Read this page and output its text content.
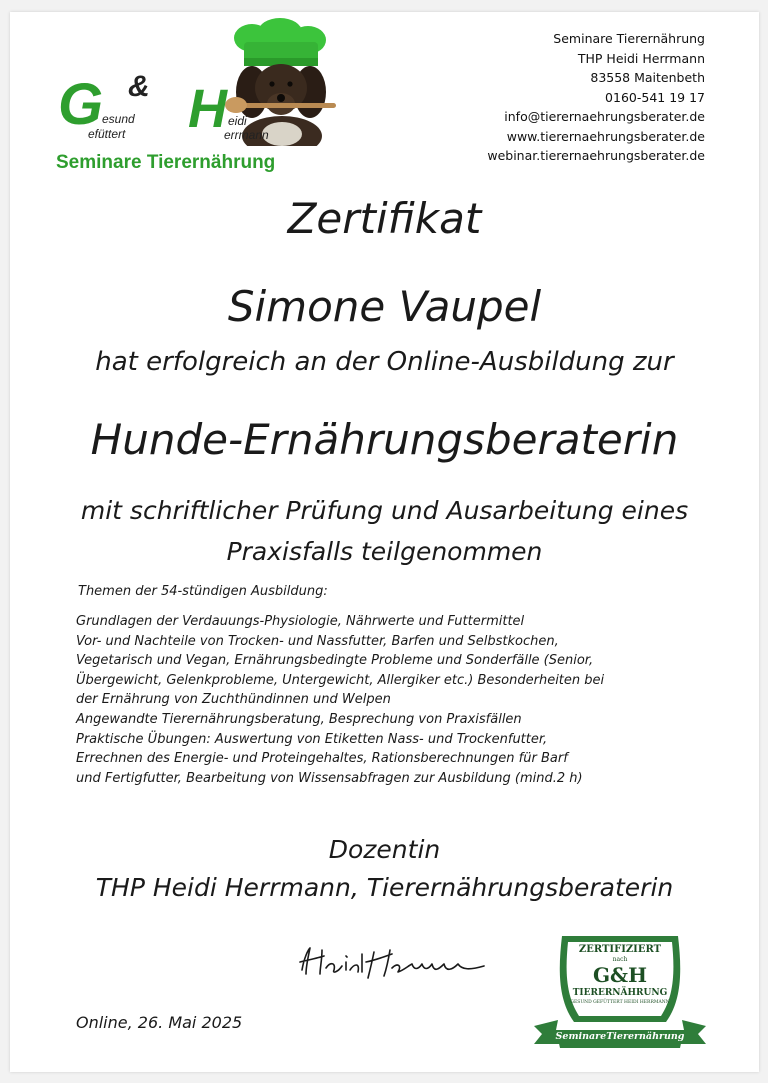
G & H
esund
efüttert
eidi
errmann
Seminare Tierernährung
Seminare Tierernährung
THP Heidi Herrmann
83558 Maitenbeth
0160-541 19 17
info@tierernaehrungsberater.de
www.tierernaehrungsberater.de
webinar.tierernaehrungsberater.de
Zertifikat
Simone Vaupel
hat erfolgreich an der Online-Ausbildung zur
Hunde-Ernährungsberaterin
mit schriftlicher Prüfung und Ausarbeitung eines
Praxisfalls teilgenommen
Themen der 54-stündigen Ausbildung:
Grundlagen der Verdauungs-Physiologie, Nährwerte und Futtermittel
Vor- und Nachteile von Trocken- und Nassfutter, Barfen und Selbstkochen,
Vegetarisch und Vegan, Ernährungsbedingte Probleme und Sonderfälle (Senior,
Übergewicht, Gelenkprobleme, Untergewicht, Allergiker etc.) Besonderheiten bei
der Ernährung von Zuchthündinnen und Welpen
Angewandte Tierernährungsberatung, Besprechung von Praxisfällen
Praktische Übungen: Auswertung von Etiketten Nass- und Trockenfutter,
Errechnen des Energie- und Proteingehaltes, Rationsberechnungen für Barf
und Fertigfutter, Bearbeitung von Wissensabfragen zur Ausbildung (mind.2 h)
Dozentin
THP Heidi Herrmann, Tierernährungsberaterin
Online, 26. Mai 2025
ZERTIFIZIERT
nach
G&H
TIERERNÄHRUNG
GESUND GEFÜTTERT HEIDI HERRMANN
SeminareTierernährung
